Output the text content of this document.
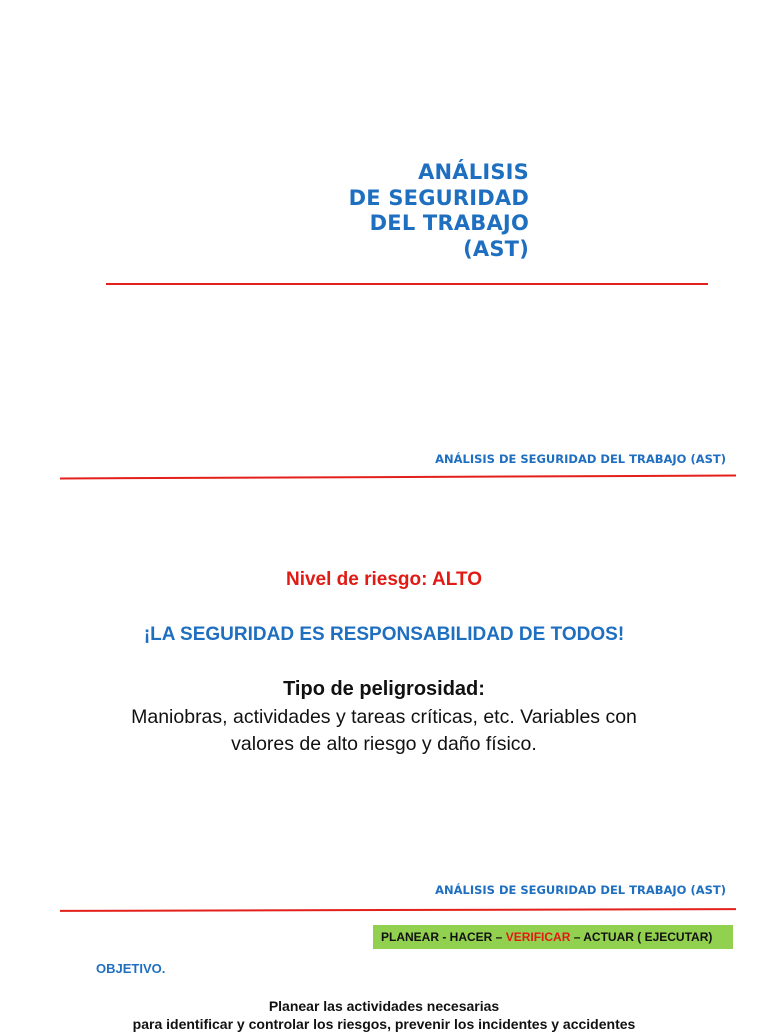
ANÁLISIS
DE SEGURIDAD
DEL TRABAJO
(AST)
ANÁLISIS DE SEGURIDAD DEL TRABAJO (AST)
Nivel de riesgo: ALTO
¡LA SEGURIDAD ES RESPONSABILIDAD DE TODOS!
Tipo de peligrosidad:
Maniobras, actividades y tareas críticas, etc. Variables con
valores de alto riesgo y daño físico.
ANÁLISIS DE SEGURIDAD DEL TRABAJO (AST)
PLANEAR - HACER – VERIFICAR – ACTUAR ( EJECUTAR)
OBJETIVO.
Planear las actividades necesarias
para identificar y controlar los riesgos, prevenir los incidentes y accidentes
